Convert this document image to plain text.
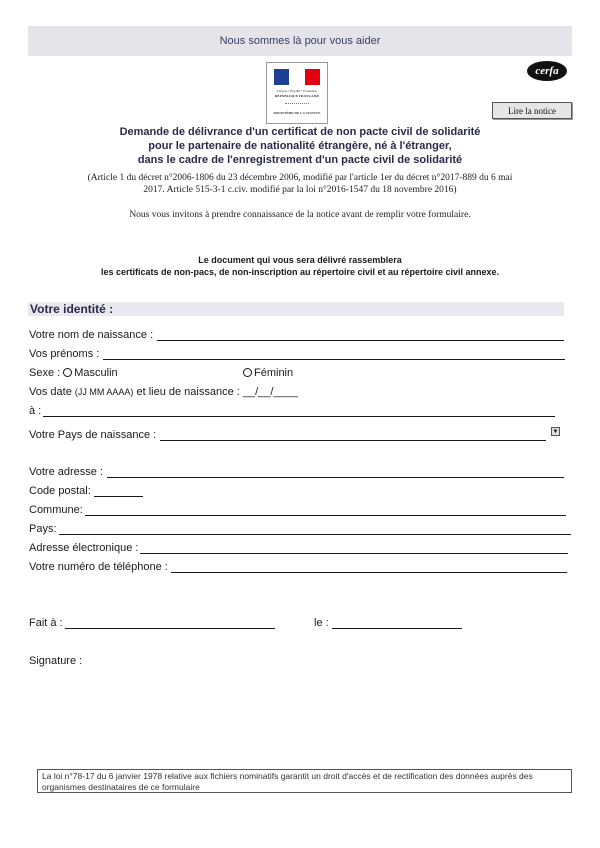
Nous sommes là pour vous aider
Liberté • Égalité • Fraternité
RÉPUBLIQUE FRANÇAISE
MINISTÈRE DE LA JUSTICE
cerfa
Lire la notice
Demande de délivrance d'un certificat de non pacte civil de solidarité
pour le partenaire de nationalité étrangère, né à l'étranger,
dans le cadre de l'enregistrement d'un pacte civil de solidarité
(Article 1 du décret n°2006-1806 du 23 décembre 2006, modifié par l'article 1er du décret n°2017-889 du 6 mai
2017. Article 515-3-1 c.civ. modifié par la loi n°2016-1547 du 18 novembre 2016)
Nous vous invitons à prendre connaissance de la notice avant de remplir votre formulaire.
Le document qui vous sera délivré rassemblera
les certificats de non-pacs, de non-inscription au répertoire civil et au répertoire civil annexe.
Votre identité :
Votre nom de naissance :
Vos prénoms :
Sexe : Masculin	Féminin
Vos date (JJ MM AAAA) et lieu de naissance : __/__/____
à :
Votre Pays de naissance :	▼
Votre adresse :
Code postal:
Commune:
Pays:
Adresse électronique :
Votre numéro de téléphone :
Fait à :	le :
Signature :
La loi n°78-17 du 6 janvier 1978 relative aux fichiers nominatifs garantit un droit d'accès et de rectification des données auprès des organismes destinataires de ce formulaire
